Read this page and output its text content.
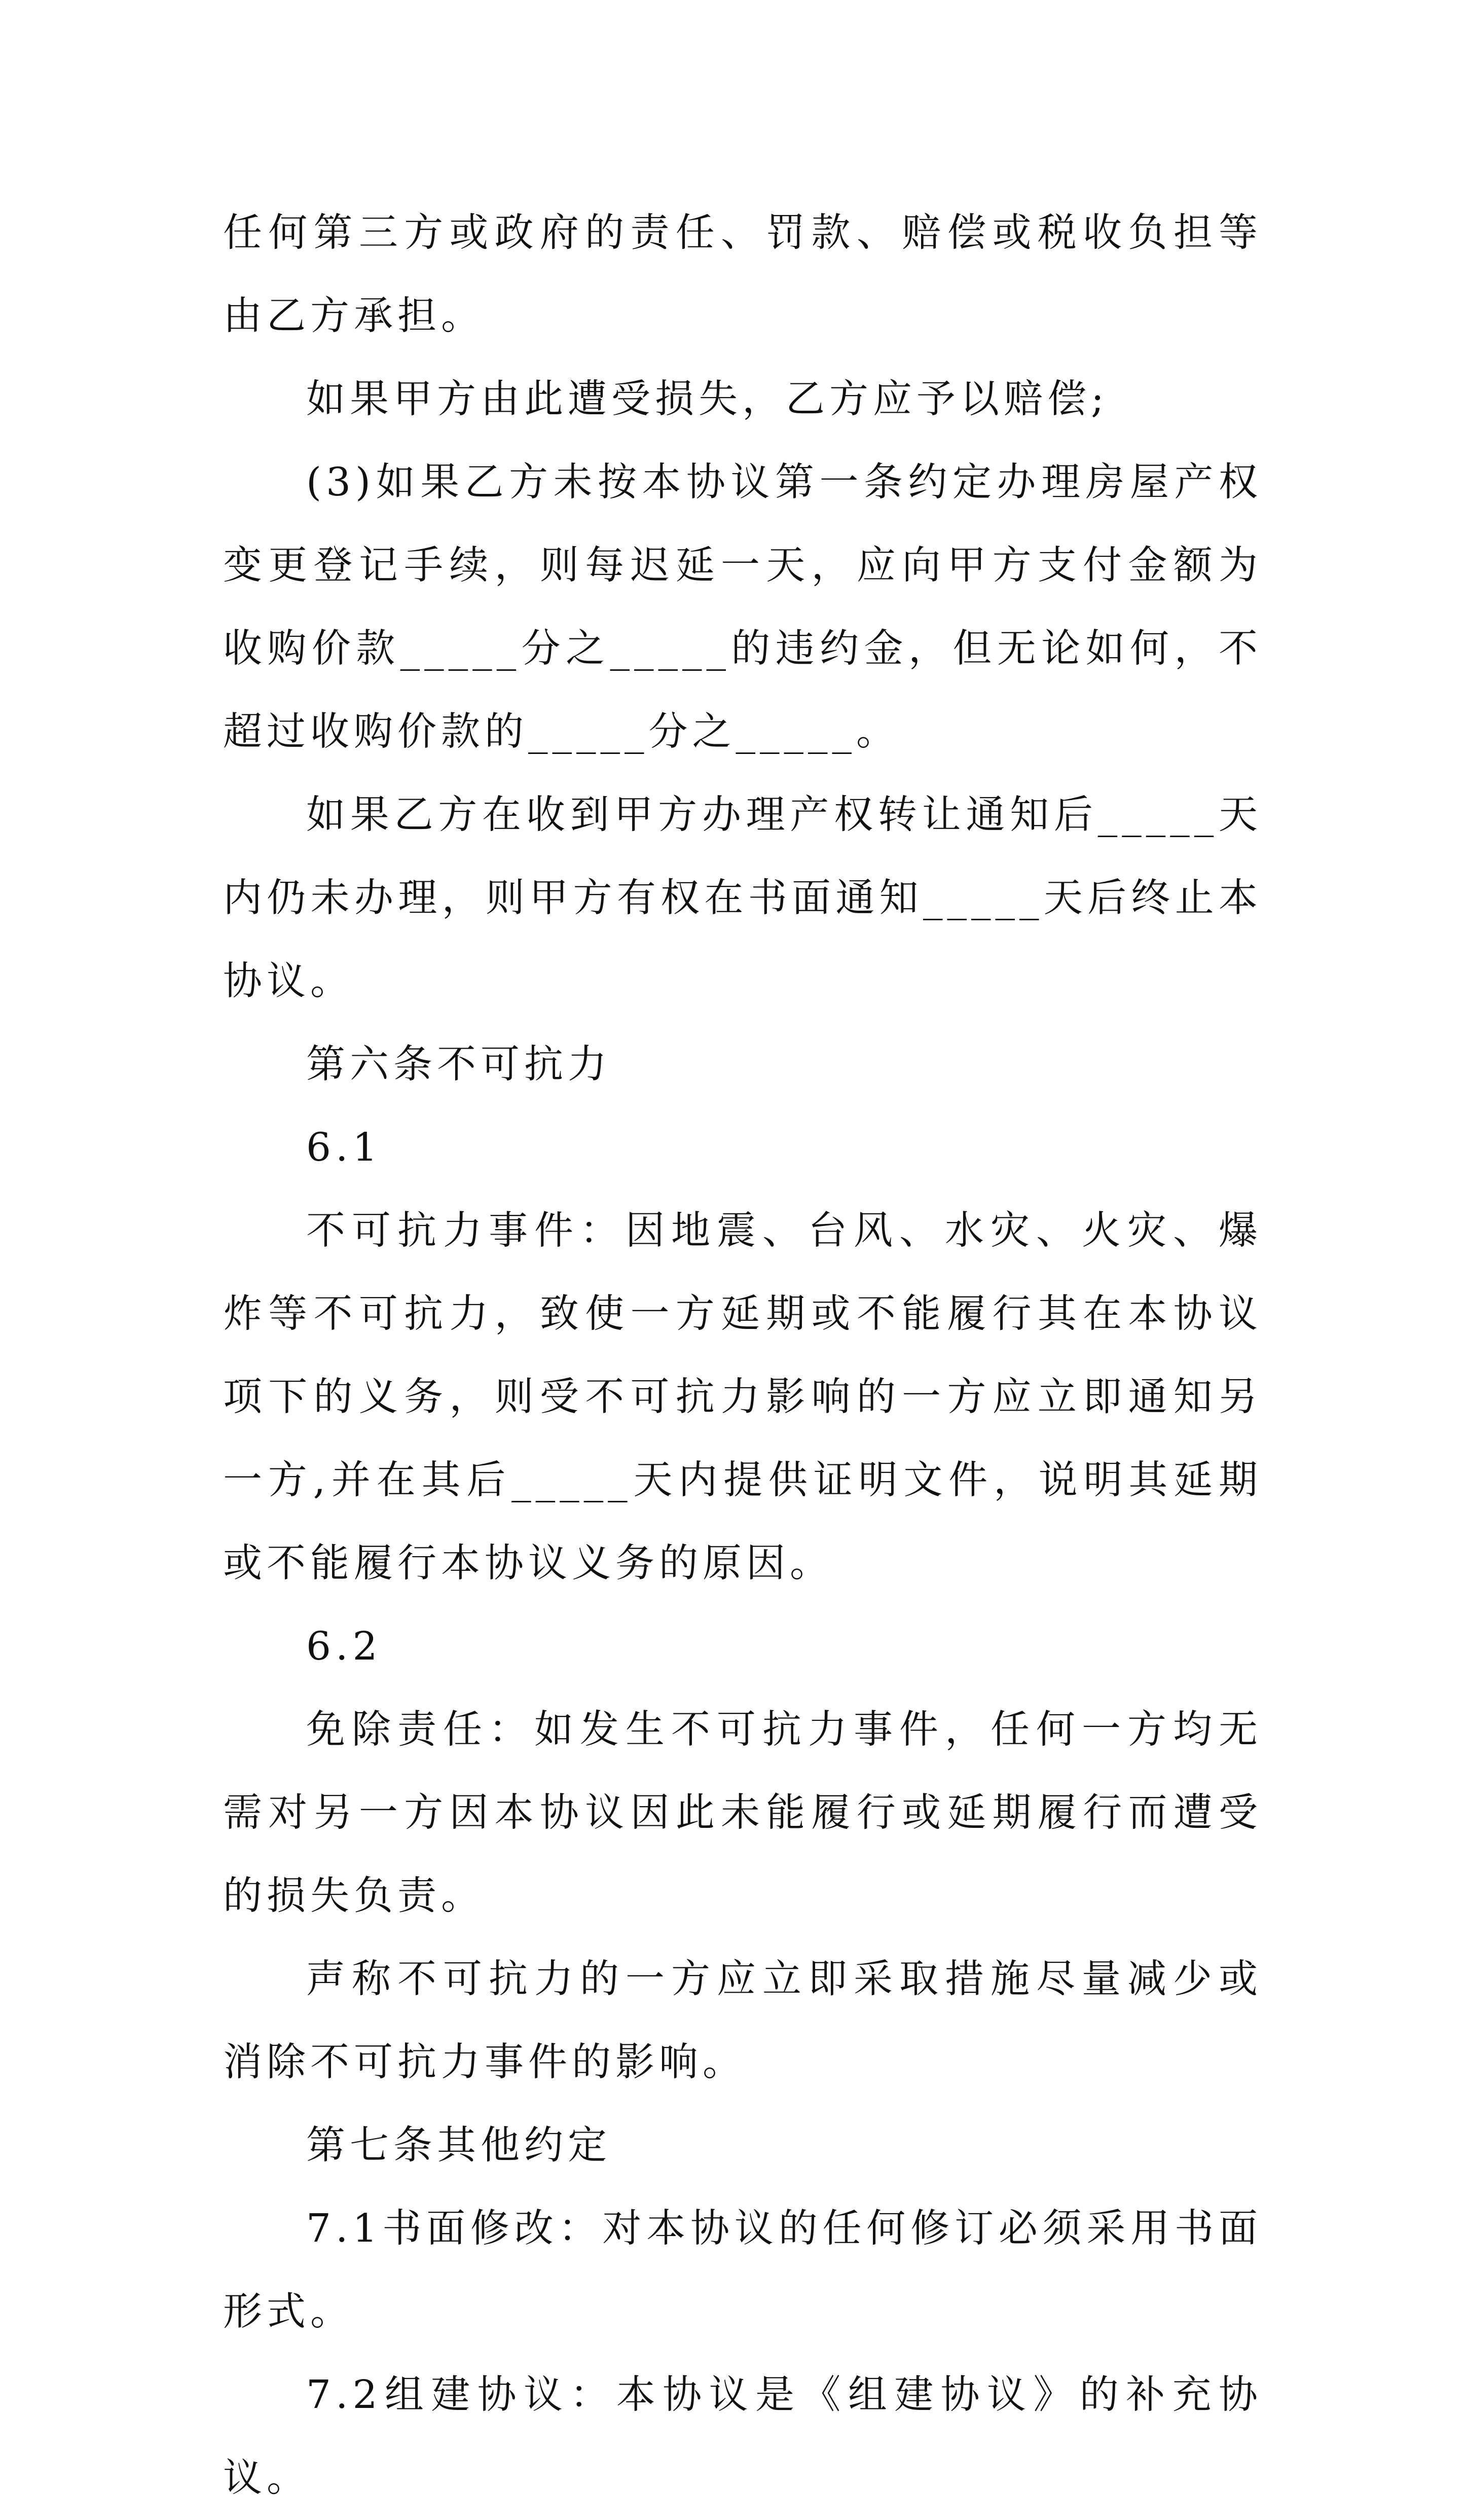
任何第三方或政府的责任、罚款、赔偿或税收负担等由乙方承担。

如果甲方由此遭受损失，乙方应予以赔偿;

(3)如果乙方未按本协议第一条约定办理房屋产权变更登记手续，则每迟延一天，应向甲方支付金额为收购价款_____分之_____的违约金，但无论如何，不超过收购价款的_____分之_____。

如果乙方在收到甲方办理产权转让通知后_____天内仍未办理，则甲方有权在书面通知_____天后终止本协议。

第六条不可抗力

6.1

不可抗力事件：因地震、台风、水灾、火灾、爆炸等不可抗力，致使一方延期或不能履行其在本协议项下的义务，则受不可抗力影响的一方应立即通知另一方,并在其后_____天内提供证明文件，说明其延期或不能履行本协议义务的原因。

6.2

免除责任：如发生不可抗力事件，任何一方均无需对另一方因本协议因此未能履行或延期履行而遭受的损失负责。

声称不可抗力的一方应立即采取措施尽量减少或消除不可抗力事件的影响。

第七条其他约定

7.1书面修改：对本协议的任何修订必须采用书面形式。

7.2组建协议：本协议是《组建协议》的补充协议。
